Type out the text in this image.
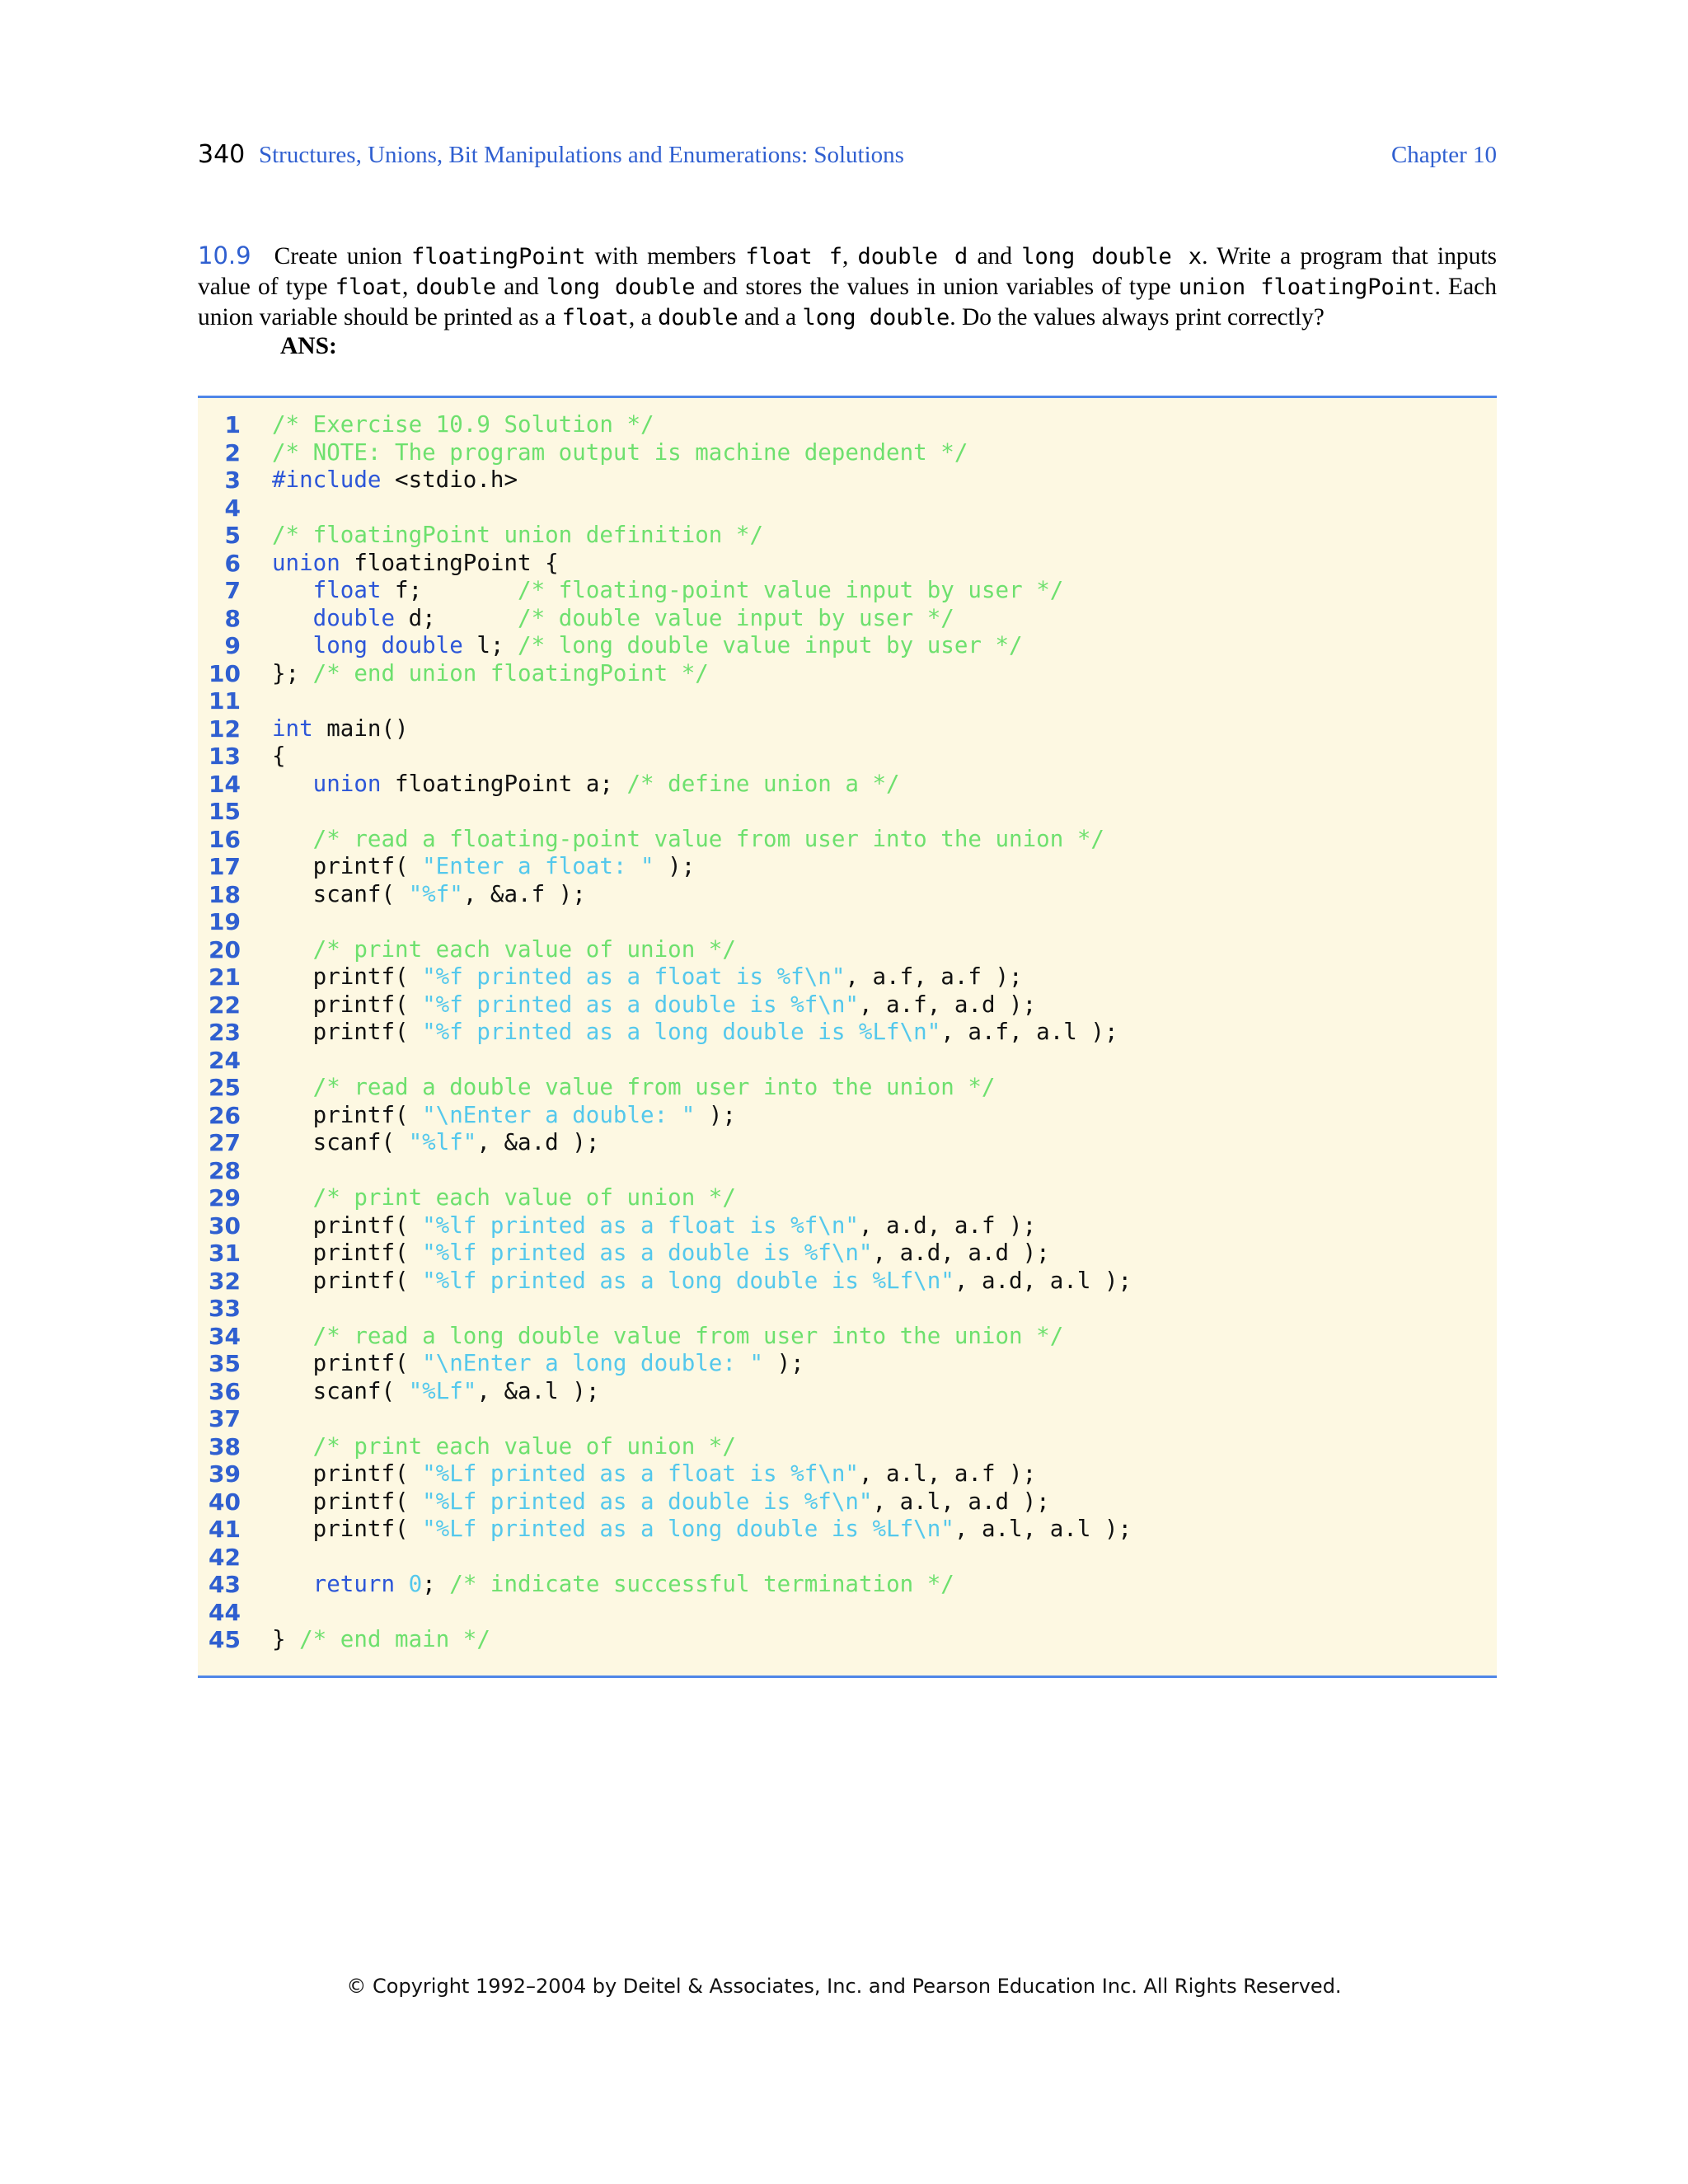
340 Structures, Unions, Bit Manipulations and Enumerations: Solutions	Chapter 10
10.9 Create union floatingPoint with members float f, double d and long double x. Write a program that inputs value of type float, double and long double and stores the values in union variables of type union floatingPoint. Each union variable should be printed as a float, a double and a long double. Do the values always print correctly?
ANS:
1 /* Exercise 10.9 Solution */
2 /* NOTE: The program output is machine dependent */
3 #include <stdio.h>
4
5 /* floatingPoint union definition */
6 union floatingPoint {
7	float f;       /* floating-point value input by user */
8	double d;      /* double value input by user */
9	long double l; /* long double value input by user */
10 }; /* end union floatingPoint */
11
12 int main()
13 {
14	union floatingPoint a; /* define union a */
15
16	/* read a floating-point value from user into the union */
17 printf( "Enter a float: " );
18 scanf( "%f", &a.f );
19
20	/* print each value of union */
21 printf( "%f printed as a float is %f\n", a.f, a.f );
22 printf( "%f printed as a double is %f\n", a.f, a.d );
23 printf( "%f printed as a long double is %Lf\n", a.f, a.l );
24
25	/* read a double value from user into the union */
26 printf( "\nEnter a double: " );
27 scanf( "%lf", &a.d );
28
29	/* print each value of union */
30 printf( "%lf printed as a float is %f\n", a.d, a.f );
31 printf( "%lf printed as a double is %f\n", a.d, a.d );
32 printf( "%lf printed as a long double is %Lf\n", a.d, a.l );
33
34	/* read a long double value from user into the union */
35 printf( "\nEnter a long double: " );
36 scanf( "%Lf", &a.l );
37
38	/* print each value of union */
39 printf( "%Lf printed as a float is %f\n", a.l, a.f );
40 printf( "%Lf printed as a double is %f\n", a.l, a.d );
41 printf( "%Lf printed as a long double is %Lf\n", a.l, a.l );
42
43	return 0; /* indicate successful termination */
44
45 } /* end main */
© Copyright 1992–2004 by Deitel & Associates, Inc. and Pearson Education Inc. All Rights Reserved.
